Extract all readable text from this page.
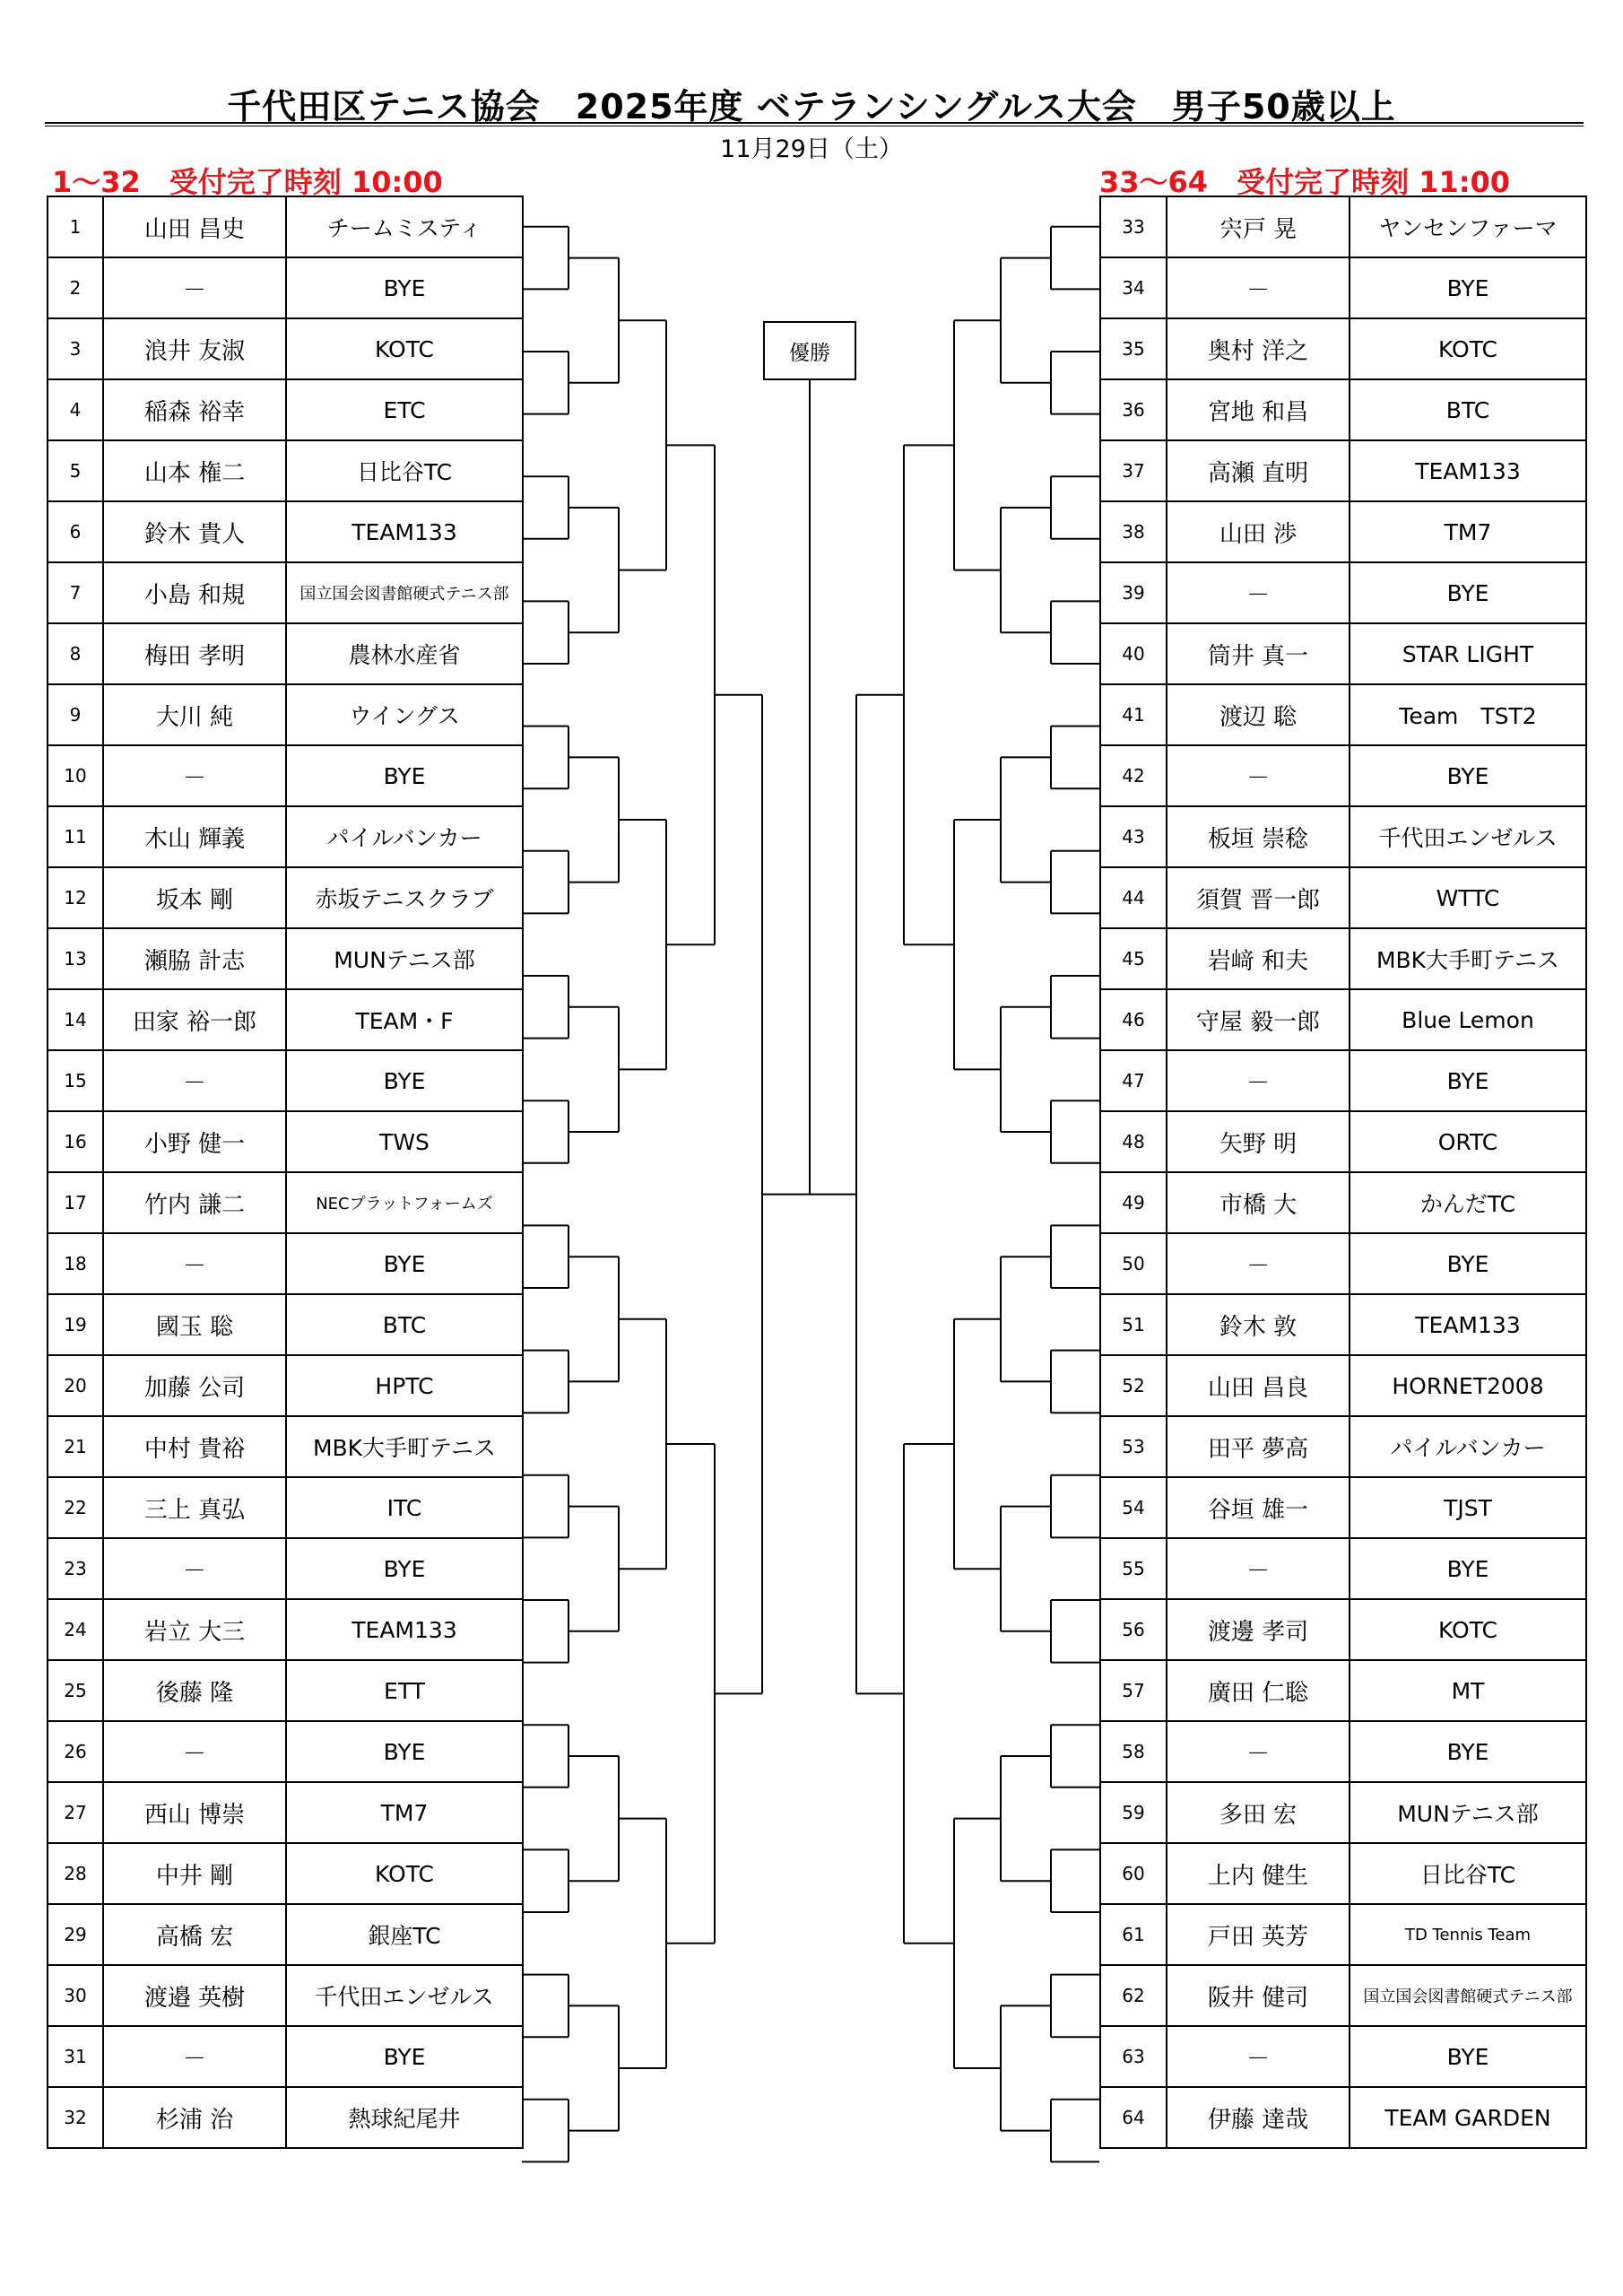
千代田区テニス協会　2025年度 ベテランシングルス大会　男子50歳以上
11月29日（土）
1～32　受付完了時刻 10:00	33～64　受付完了時刻 11:00
1	山田 昌史	チームミスティ
2	－	BYE
3	浪井 友淑	KOTC
4	稲森 裕幸	ETC
5	山本 権二	日比谷TC
6	鈴木 貴人	TEAM133
7	小島 和規	国立国会図書館硬式テニス部
8	梅田 孝明	農林水産省
9	大川 純	ウイングス
10	－	BYE
11	木山 輝義	パイルバンカー
12	坂本 剛	赤坂テニスクラブ
13	瀬脇 計志	MUNテニス部
14	田家 裕一郎	TEAM・F
15	－	BYE
16	小野 健一	TWS
17	竹内 謙二	NECプラットフォームズ
18	－	BYE
19	國玉 聡	BTC
20	加藤 公司	HPTC
21	中村 貴裕	MBK大手町テニス
22	三上 真弘	ITC
23	－	BYE
24	岩立 大三	TEAM133
25	後藤 隆	ETT
26	－	BYE
27	西山 博崇	TM7
28	中井 剛	KOTC
29	高橋 宏	銀座TC
30	渡邉 英樹	千代田エンゼルス
31	－	BYE
32	杉浦 治	熱球紀尾井
33	宍戸 晃	ヤンセンファーマ
34	－	BYE
35	奥村 洋之	KOTC
36	宮地 和昌	BTC
37	高瀬 直明	TEAM133
38	山田 渉	TM7
39	－	BYE
40	筒井 真一	STAR LIGHT
41	渡辺 聡	Team　TST2
42	－	BYE
43	板垣 崇稔	千代田エンゼルス
44	須賀 晋一郎	WTTC
45	岩﨑 和夫	MBK大手町テニス
46	守屋 毅一郎	Blue Lemon
47	－	BYE
48	矢野 明	ORTC
49	市橋 大	かんだTC
50	－	BYE
51	鈴木 敦	TEAM133
52	山田 昌良	HORNET2008
53	田平 夢高	パイルバンカー
54	谷垣 雄一	TJST
55	－	BYE
56	渡邊 孝司	KOTC
57	廣田 仁聡	MT
58	－	BYE
59	多田 宏	MUNテニス部
60	上内 健生	日比谷TC
61	戸田 英芳	TD Tennis Team
62	阪井 健司	国立国会図書館硬式テニス部
63	－	BYE
64	伊藤 達哉	TEAM GARDEN
優勝
